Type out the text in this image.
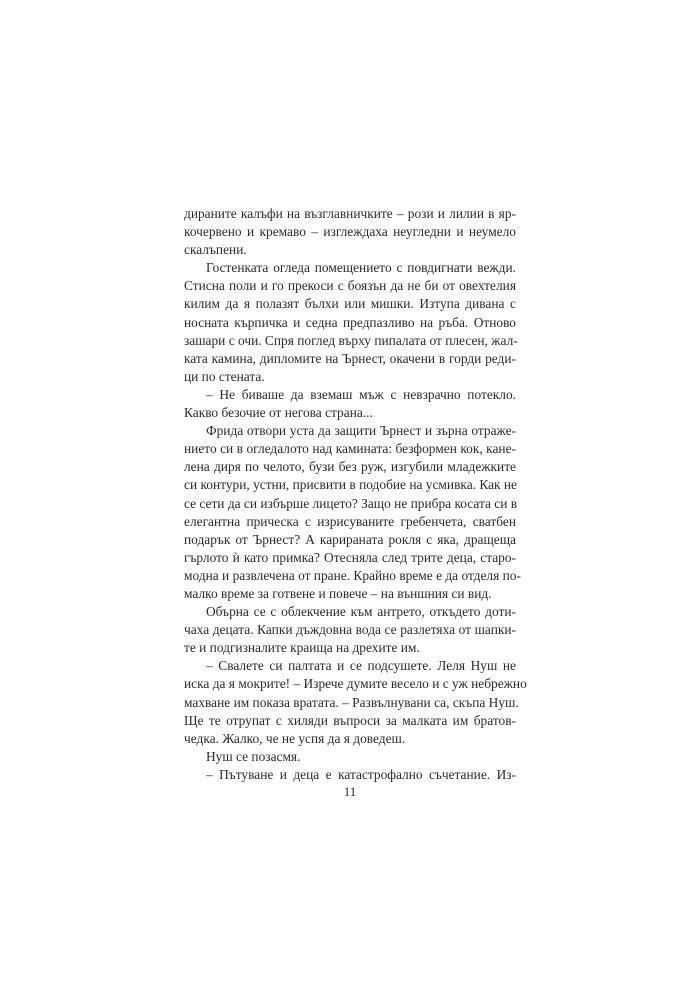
дираните калъфи на възглавничките – рози и лилии в яр-
кочервено и кремаво – изглеждаха неугледни и неумело
скалъпени.
Гостенката огледа помещението с повдигнати вежди.
Стисна поли и го прекоси с боязън да не би от овехтелия
килим да я полазят бълхи или мишки. Изтупа дивана с
носната кърпичка и седна предпазливо на ръба. Отново
зашари с очи. Спря поглед върху пипалата от плесен, жал-
ката камина, дипломите на Ърнест, окачени в горди реди-
ци по стената.
– Не биваше да вземаш мъж с невзрачно потекло.
Какво безочие от негова страна...
Фрида отвори уста да защити Ърнест и зърна отраже-
нието си в огледалото над камината: безформен кок, кане-
лена диря по челото, бузи без руж, изгубили младежките
си контури, устни, присвити в подобие на усмивка. Как не
се сети да си избърше лицето? Защо не прибра косата си в
елегантна прическа с изрисуваните гребенчета, сватбен
подарък от Ърнест? А карираната рокля с яка, дращеща
гърлото ѝ като примка? Отесняла след трите деца, старо-
модна и развлечена от пране. Крайно време е да отделя по-
малко време за готвене и повече – на външния си вид.
Обърна се с облекчение към антрето, откъдето доти-
чаха децата. Капки дъждовна вода се разлетяха от шапки-
те и подгизналите краища на дрехите им.
– Свалете си палтата и се подсушете. Леля Нуш не
иска да я мокрите! – Изрече думите весело и с уж небрежно
махване им показа вратата. – Развълнувани са, скъпа Нуш.
Ще те отрупат с хиляди въпроси за малката им братов-
чедка. Жалко, че не успя да я доведеш.
Нуш се позасмя.
– Пътуване и деца е катастрофално съчетание. Из-
11
